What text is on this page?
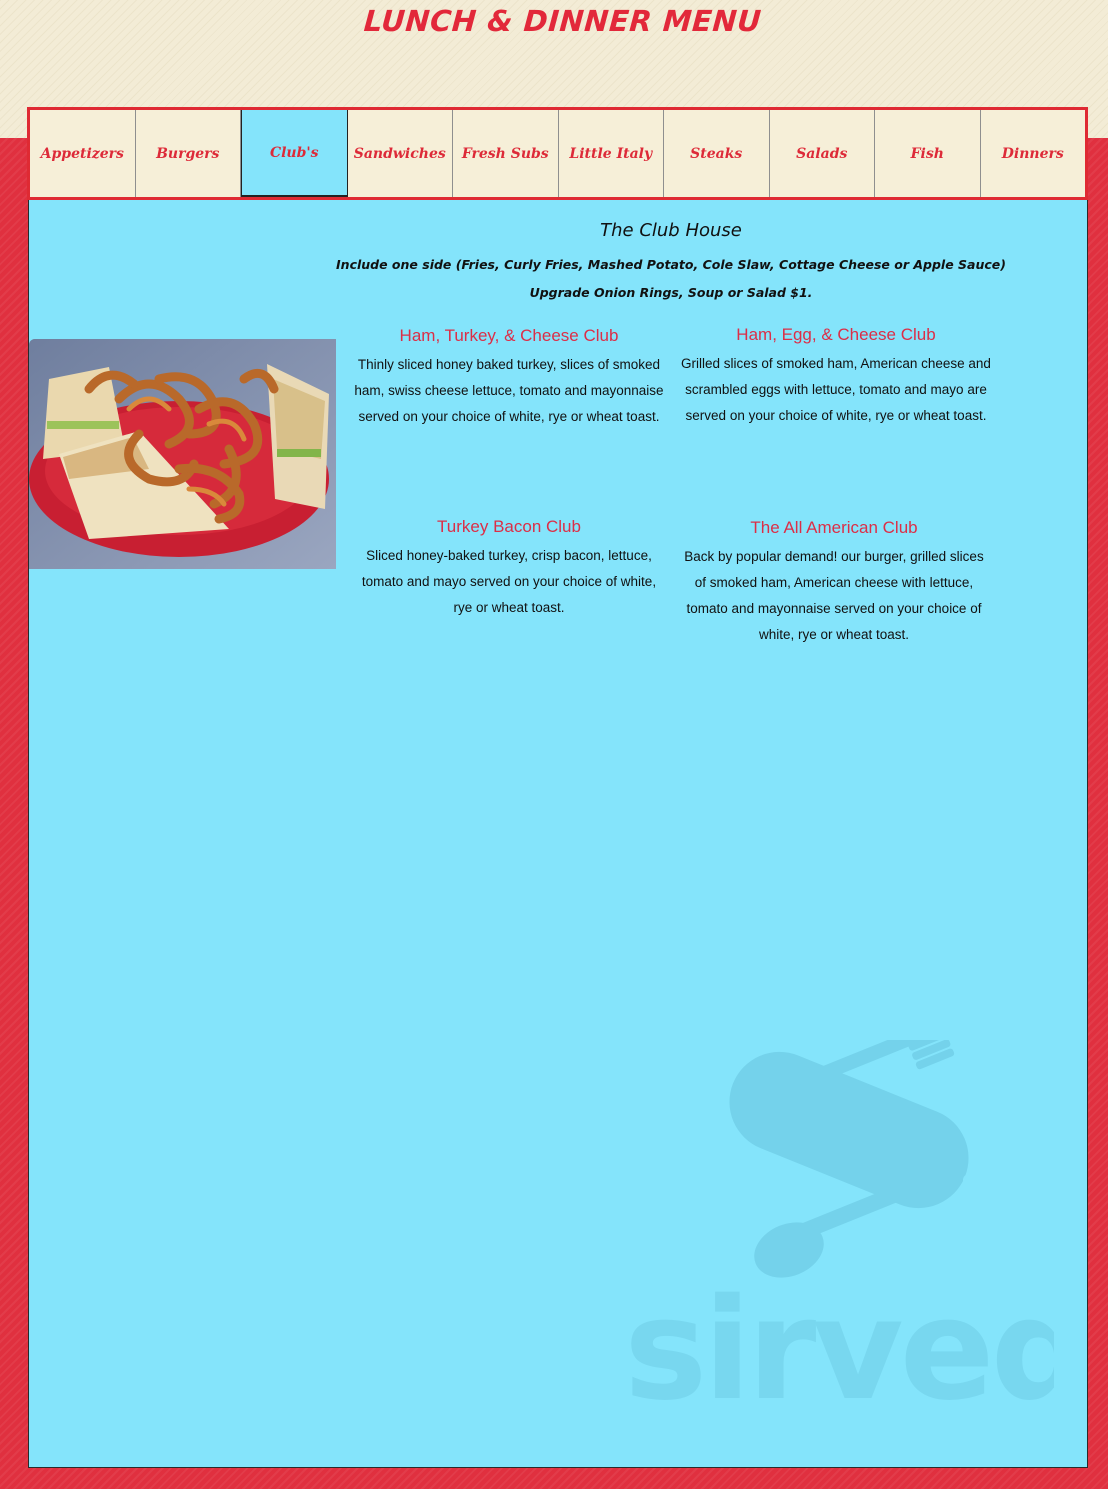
LUNCH & DINNER MENU
Appetizers Burgers	Club's	Sandwiches Fresh Subs Little Italy	Steaks	Salads	Fish	Dinners
The Club House
Include one side (Fries, Curly Fries, Mashed Potato, Cole Slaw, Cottage Cheese or Apple Sauce)
Upgrade Onion Rings, Soup or Salad $1.
Ham, Turkey, & Cheese Club
Thinly sliced honey baked turkey, slices of smoked ham, swiss cheese lettuce, tomato and mayonnaise served on your choice of white, rye or wheat toast.
Ham, Egg, & Cheese Club
Grilled slices of smoked ham, American cheese and scrambled eggs with lettuce, tomato and mayo are served on your choice of white, rye or wheat toast.
Turkey Bacon Club
Sliced honey-baked turkey, crisp bacon, lettuce, tomato and mayo served on your choice of white, rye or wheat toast.
The All American Club
Back by popular demand! our burger, grilled slices of smoked ham, American cheese with lettuce, tomato and mayonnaise served on your choice of white, rye or wheat toast.
sirved
